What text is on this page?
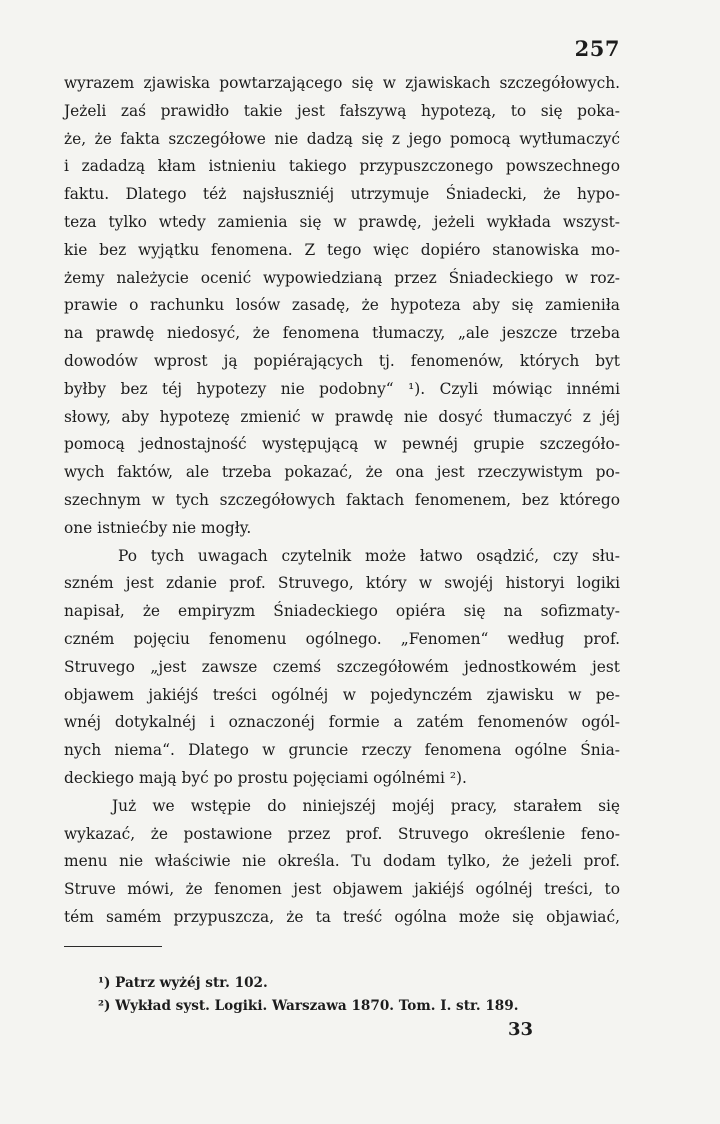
257
wyrazem zjawiska powtarzającego się w zjawiskach szczegółowych.
Jeżeli zaś prawidło takie jest fałszywą hypotezą, to się poka-
że, że fakta szczegółowe nie dadzą się z jego pomocą wytłumaczyć
i zadadzą kłam istnieniu takiego przypuszczonego powszechnego
faktu. Dlatego téż najsłuszniéj utrzymuje Śniadecki, że hypo-
teza tylko wtedy zamienia się w prawdę, jeżeli wykłada wszyst-
kie bez wyjątku fenomena. Z tego więc dopiéro stanowiska mo-
żemy należycie ocenić wypowiedzianą przez Śniadeckiego w roz-
prawie o rachunku losów zasadę, że hypoteza aby się zamieniła
na prawdę niedosyć, że fenomena tłumaczy, „ale jeszcze trzeba
dowodów wprost ją popiérających tj. fenomenów, których byt
byłby bez téj hypotezy nie podobny“ ¹). Czyli mówiąc innémi
słowy, aby hypotezę zmienić w prawdę nie dosyć tłumaczyć z jéj
pomocą jednostajność występującą w pewnéj grupie szczegóło-
wych faktów, ale trzeba pokazać, że ona jest rzeczywistym po-
szechnym w tych szczegółowych faktach fenomenem, bez którego
one istniećby nie mogły.
Po tych uwagach czytelnik może łatwo osądzić, czy słu-
szném jest zdanie prof. Struvego, który w swojéj historyi logiki
napisał, że empiryzm Śniadeckiego opiéra się na sofizmaty-
czném pojęciu fenomenu ogólnego. „Fenomen“ według prof.
Struvego „jest zawsze czemś szczegółowém jednostkowém jest
objawem jakiéjś treści ogólnéj w pojedynczém zjawisku w pe-
wnéj dotykalnéj i oznaczonéj formie a zatém fenomenów ogól-
nych niema“. Dlatego w gruncie rzeczy fenomena ogólne Śnia-
deckiego mają być po prostu pojęciami ogólnémi ²).
Już we wstępie do niniejszéj mojéj pracy, starałem się
wykazać, że postawione przez prof. Struvego określenie feno-
menu nie właściwie nie określa. Tu dodam tylko, że jeżeli prof.
Struve mówi, że fenomen jest objawem jakiéjś ogólnéj treści, to
tém samém przypuszcza, że ta treść ogólna może się objawiać,
¹) Patrz wyżéj str. 102.
²) Wykład syst. Logiki. Warszawa 1870. Tom. I. str. 189.
33
